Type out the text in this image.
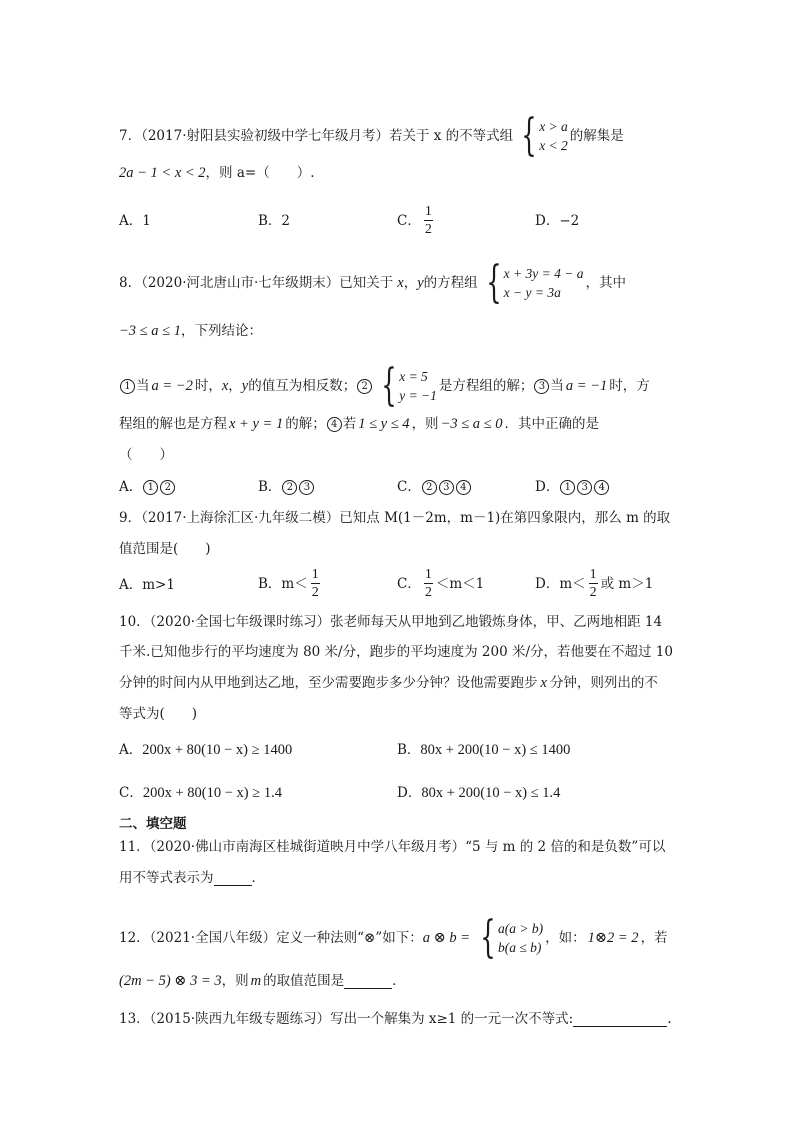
7．（2017·射阳县实验初级中学七年级月考）若关于 x 的不等式组 { x > a
x < 2
的解集是
2a − 1 < x < 2 ，则 a=（　　）.
A．1	B．2	C． $\frac{1}{2}$	D．−2
8．（2020·河北唐山市·七年级期末）已知关于 x ， y 的方程组 { x + 3y = 4 − a
x − y = 3a
，其中
−3 ≤ a ≤ 1 ，下列结论：
1 当 a = −2 时， x ， y 的值互为相反数； 2 { x = 5
y = −1
是方程组的解； 3 当 a = −1 时，方
程组的解也是方程 x + y = 1 的解； 4 若 1 ≤ y ≤ 4 ，则 −3 ≤ a ≤ 0 ．其中正确的是
（　　）
A． 1	2	B． 2	3	C． 2	3	4	D． 1	3	4
9．（2017·上海徐汇区·九年级二模）已知点 M(1－2m，m－1)在第四象限内，那么 m 的取
值范围是(　　)
A．m>1	B．$m< \frac{1}{2}$	C． $\frac{1}{2} <m<1$	D．$m< \frac{1}{2}$ 或 m＞1
10．（2020·全国七年级课时练习）张老师每天从甲地到乙地锻炼身体，甲、乙两地相距 14
千米.已知他步行的平均速度为 80 米/分，跑步的平均速度为 200 米/分，若他要在不超过 10
分钟的时间内从甲地到达乙地，至少需要跑步多少分钟？设他需要跑步 x 分钟，则列出的不
等式为(　　)
A． 200x + 80(10 − x) ≥ 1400	B． 80x + 200(10 − x) ≤ 1400
C． 200x + 80(10 − x) ≥ 1.4	D． 80x + 200(10 − x) ≤ 1.4
二、填空题
11．（2020·佛山市南海区桂城街道映月中学八年级月考）“5 与 m 的 2 倍的和是负数”可以
用不等式表示为	．
12．（2021·全国八年级）定义一种法则“⊗”如下： a ⊗ b = { a(a > b)
b(a ≤ b)
，如： 1⊗2 = 2 ，若
(2m − 5) ⊗ 3 = 3 ，则 m 的取值范围是	．
13．（2015·陕西九年级专题练习）写出一个解集为 x≥1 的一元一次不等式:	.
